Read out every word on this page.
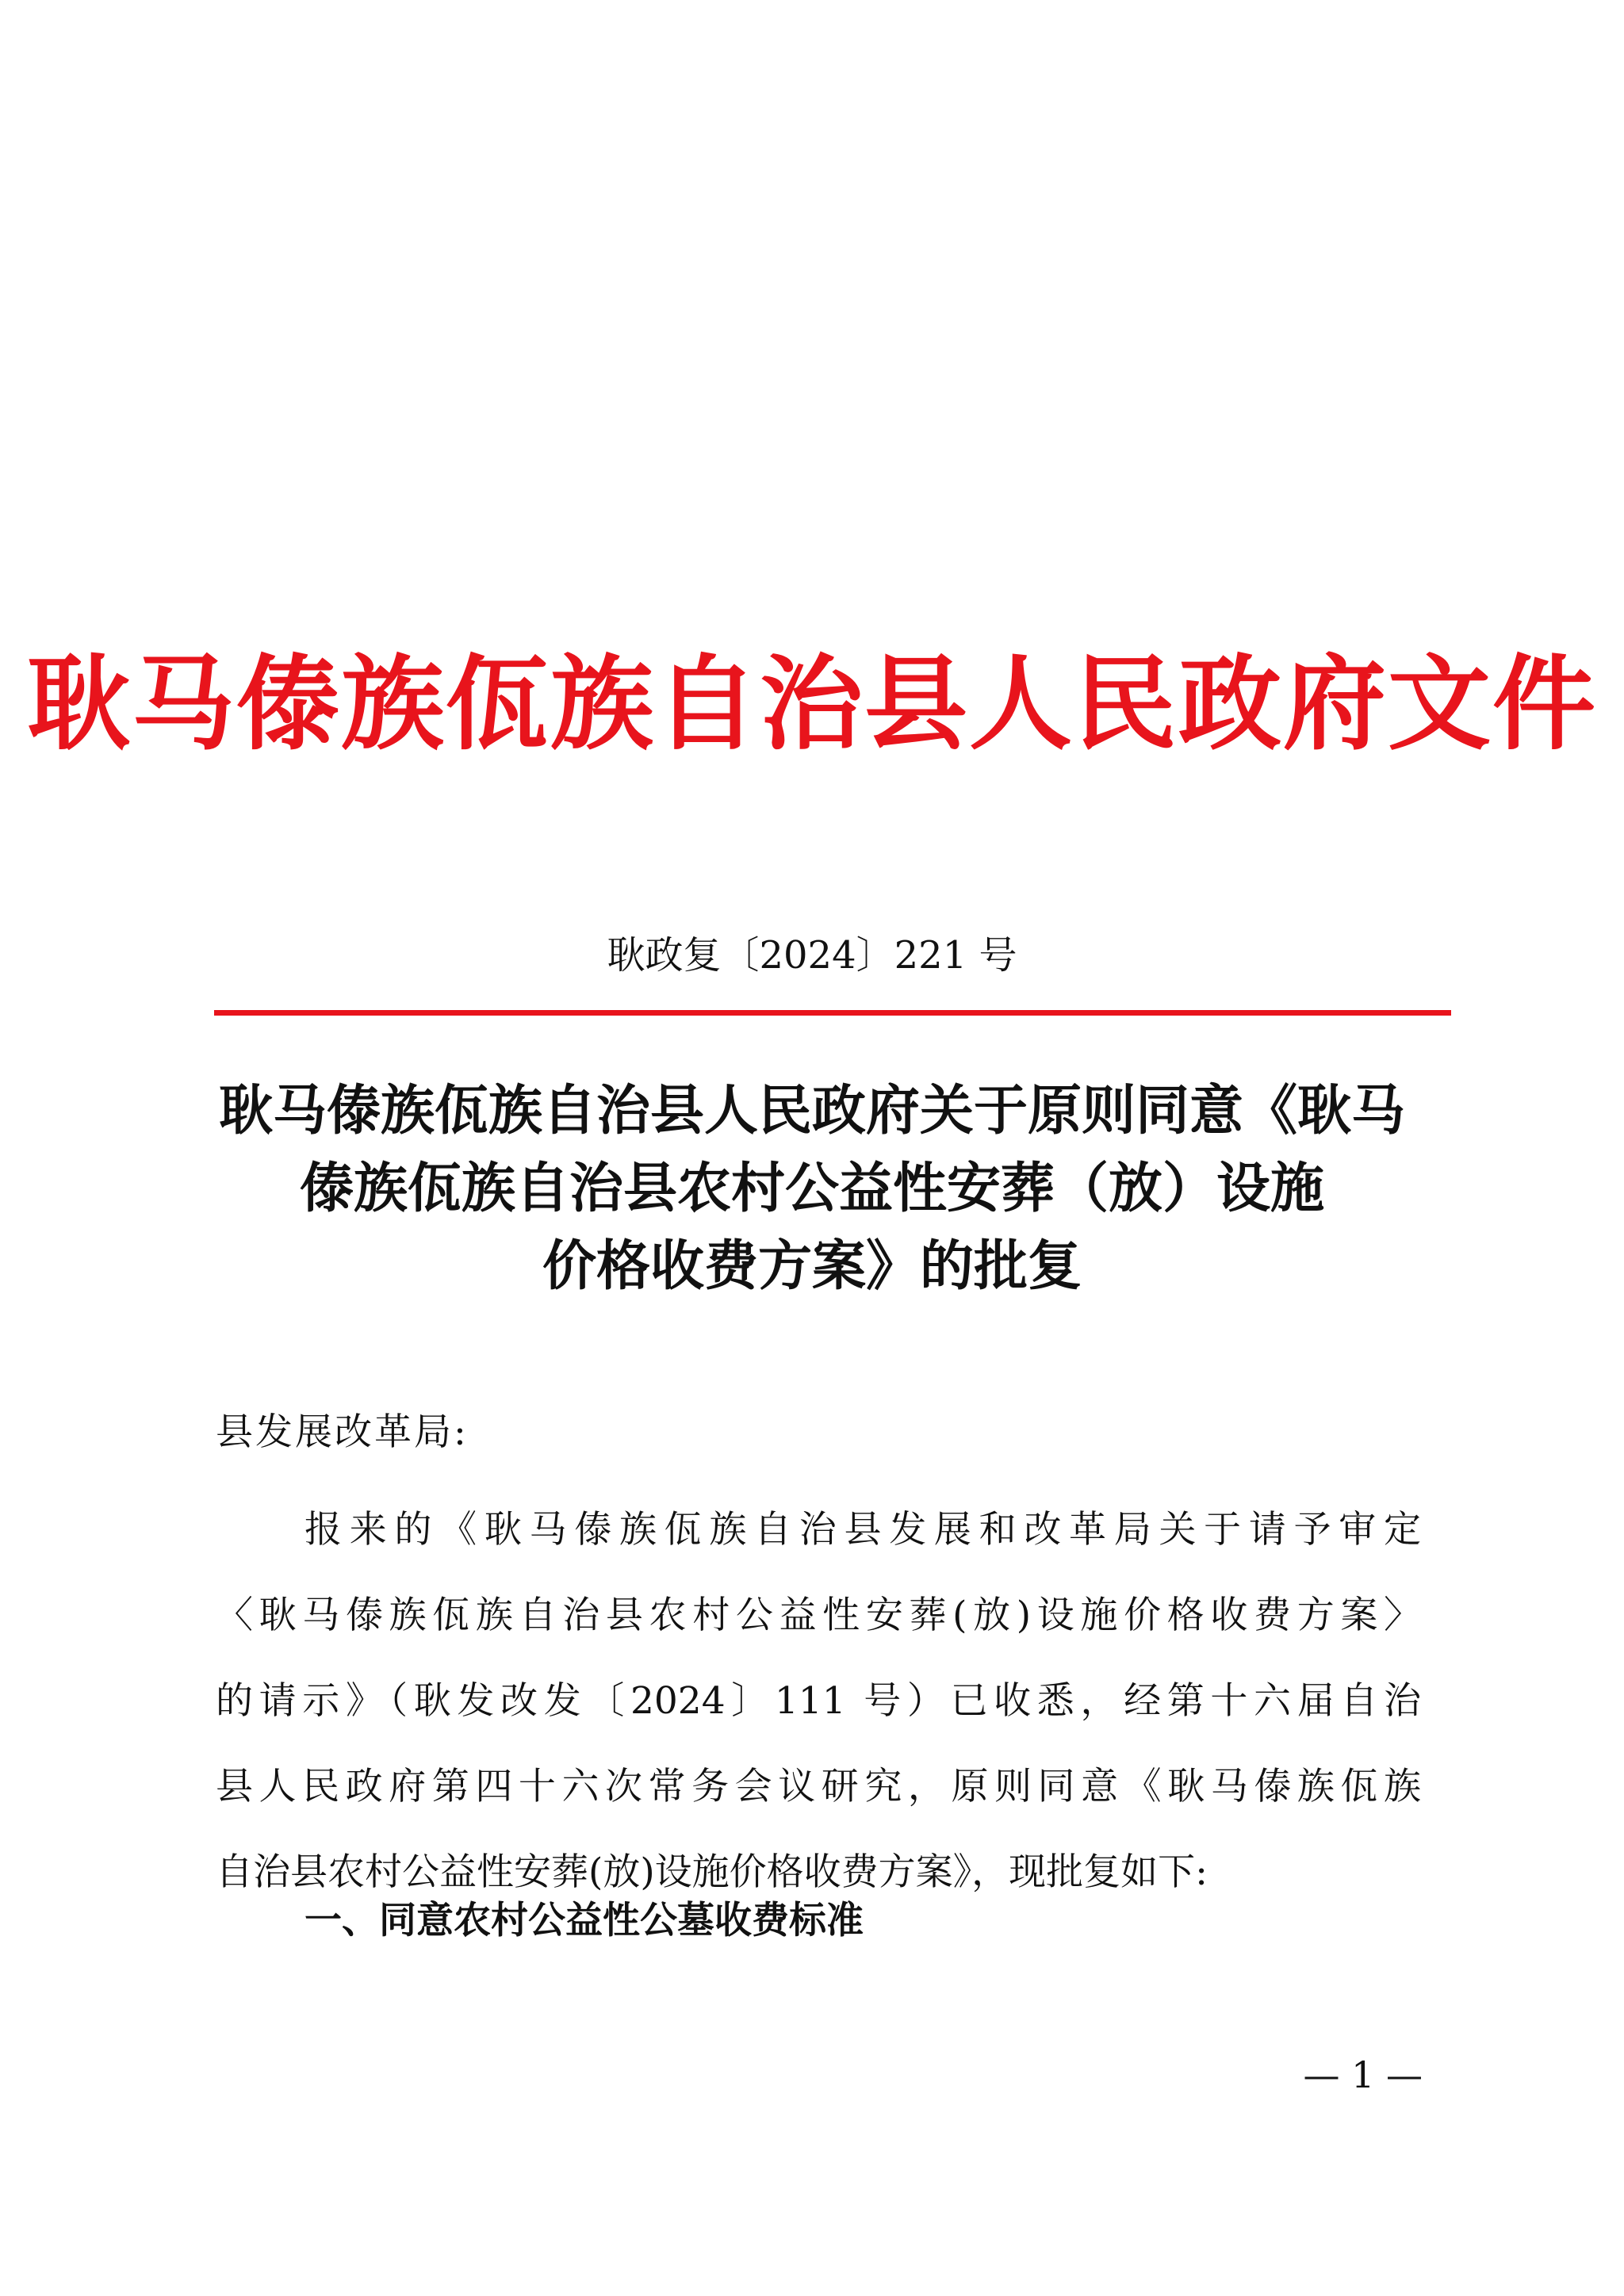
耿马傣族佤族自治县人民政府文件
耿政复〔2024〕221 号
耿马傣族佤族自治县人民政府关于原则同意《耿马
傣族佤族自治县农村公益性安葬（放）设施
价格收费方案》的批复
县发展改革局:
报来的《耿马傣族佤族自治县发展和改革局关于请予审定
〈耿马傣族佤族自治县农村公益性安葬(放)设施价格收费方案〉
的请示》（耿发改发〔2024〕111 号）已收悉，经第十六届自治
县人民政府第四十六次常务会议研究，原则同意《耿马傣族佤族
自治县农村公益性安葬(放)设施价格收费方案》，现批复如下:
一、同意农村公益性公墓收费标准
— 1 —
